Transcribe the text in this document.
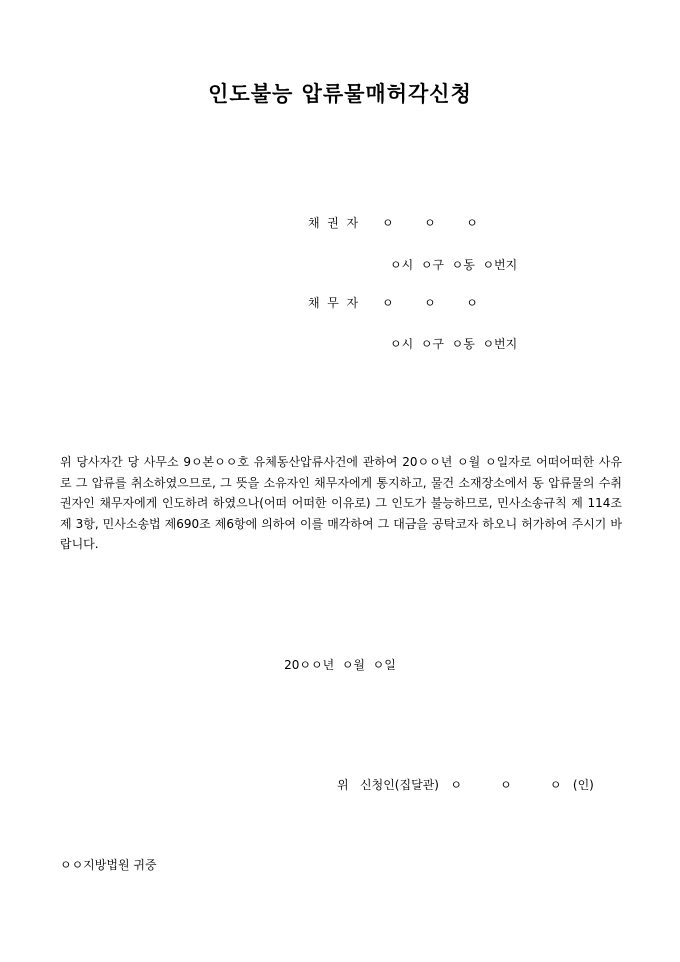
인도불능 압류물매허각신청
채  권  자 ㅇ        ㅇ        ㅇ
ㅇ시  ㅇ구  ㅇ동  ㅇ번지
채  무  자 ㅇ        ㅇ        ㅇ
ㅇ시  ㅇ구  ㅇ동  ㅇ번지
위 당사자간 당 사무소 9ㅇ본ㅇㅇ호 유체동산압류사건에 관하여 20ㅇㅇ년 ㅇ월 ㅇ일자로 어떠어떠한 사유로 그 압류를 취소하였으므로, 그 뜻을 소유자인 채무자에게 통지하고, 물건 소재장소에서 동 압류물의 수취권자인 채무자에게 인도하려 하였으나(어떠 어떠한 이유로) 그 인도가 불능하므로, 민사소송규칙 제 114조 제 3항, 민사소송법 제690조 제6항에 의하여 이를 매각하여 그 대금을 공탁코자 하오니 허가하여 주시기 바랍니다.
20ㅇㅇ년  ㅇ월  ㅇ일
위   신청인(집달관)   ㅇ          ㅇ          ㅇ   (인)
ㅇㅇ지방법원 귀중
